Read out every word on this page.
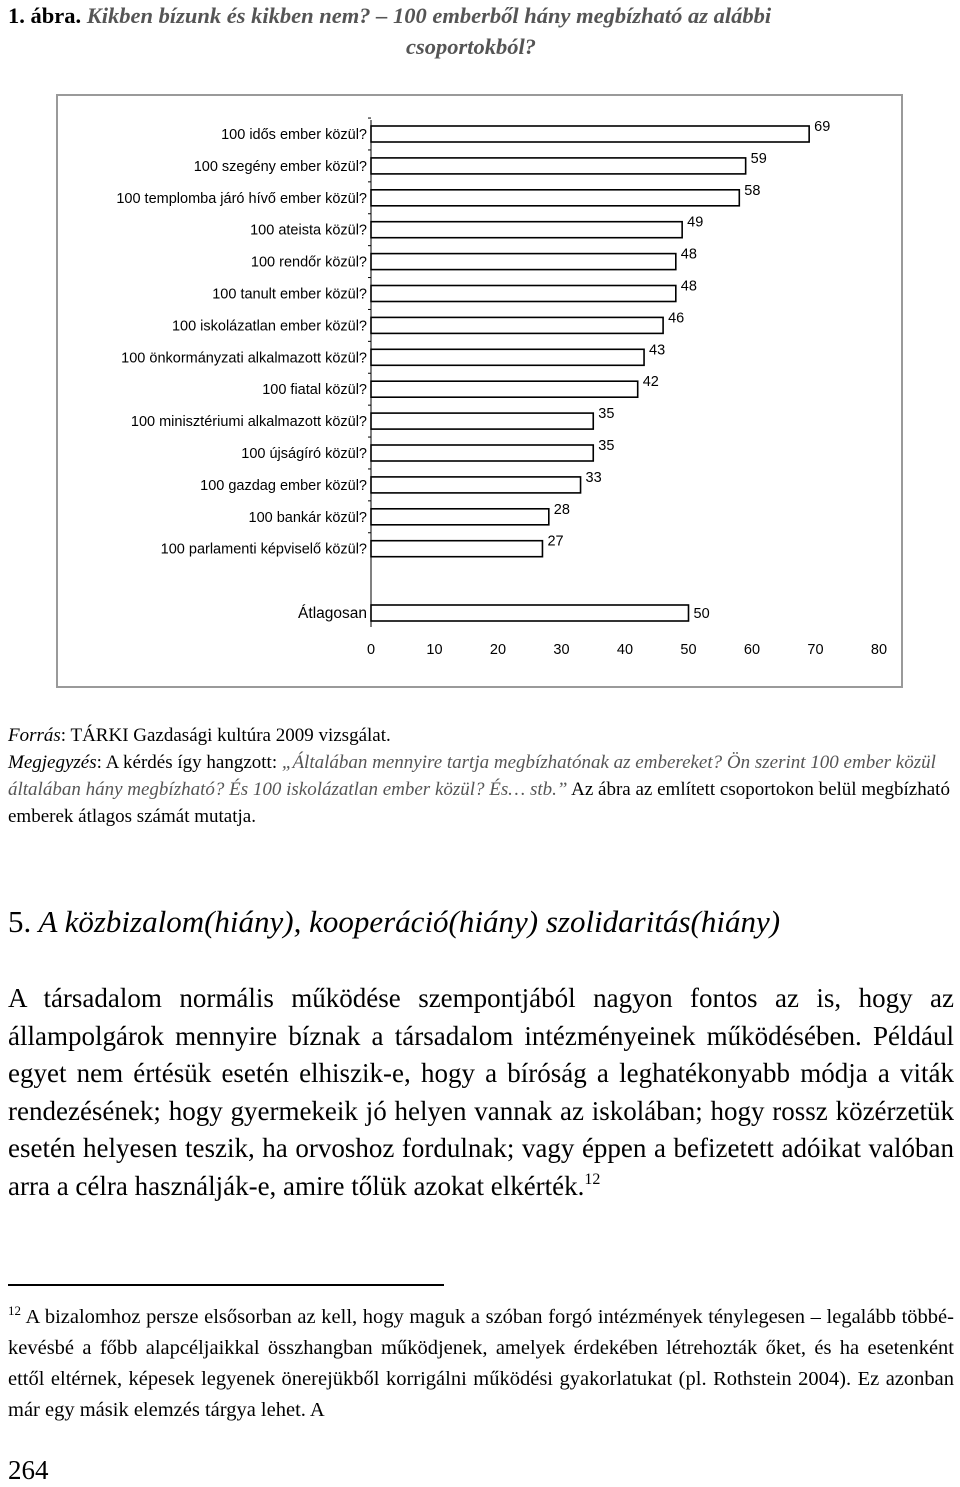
1. ábra. Kikben bízunk és kikben nem? – 100 emberből hány megbízható az alábbi
csoportokból?
100 idős ember közül?	69
100 szegény ember közül?	59
100 templomba járó hívő ember közül?	58
100 ateista közül?	49
100 rendőr közül?	48
100 tanult ember közül?	48
100 iskolázatlan ember közül?	46
100 önkormányzati alkalmazott közül?	43
100 fiatal közül?	42
100 minisztériumi alkalmazott közül?	35
100 újságíró közül?	35
100 gazdag ember közül?	33
100 bankár közül?	28
100 parlamenti képviselő közül?	27
Átlagosan	50
0	10	20	30	40	50	60	70	80
Forrás: TÁRKI Gazdasági kultúra 2009 vizsgálat.
Megjegyzés: A kérdés így hangzott: „Általában mennyire tartja megbízhatónak az embereket? Ön szerint 100 ember közül általában hány megbízható? És 100 iskolázatlan ember közül? És… stb.” Az ábra az említett csoportokon belül megbízható emberek átlagos számát mutatja.
5. A közbizalom(hiány), kooperáció(hiány) szolidaritás(hiány)

A társadalom normális működése szempontjából nagyon fontos az is, hogy az állampolgárok mennyire bíznak a társadalom intézményeinek működésében. Például egyet nem értésük esetén elhiszik-e, hogy a bíróság a leghatékonyabb módja a viták rendezésének; hogy gyermekeik jó helyen vannak az iskolában; hogy rossz közérzetük esetén helyesen teszik, ha orvoshoz fordulnak; vagy éppen a befizetett adóikat valóban arra a célra használják-e, amire tőlük azokat elkérték.$^{12}$

$^{12}$ A bizalomhoz persze elsősorban az kell, hogy maguk a szóban forgó intézmények ténylegesen – legalább többé-kevésbé a főbb alapcéljaikkal összhangban működjenek, amelyek érdekében létrehozták őket, és ha esetenként ettől eltérnek, képesek legyenek önerejükből korrigálni működési gyakorlatukat (pl. Rothstein 2004). Ez azonban már egy másik elemzés tárgya lehet. A

264
